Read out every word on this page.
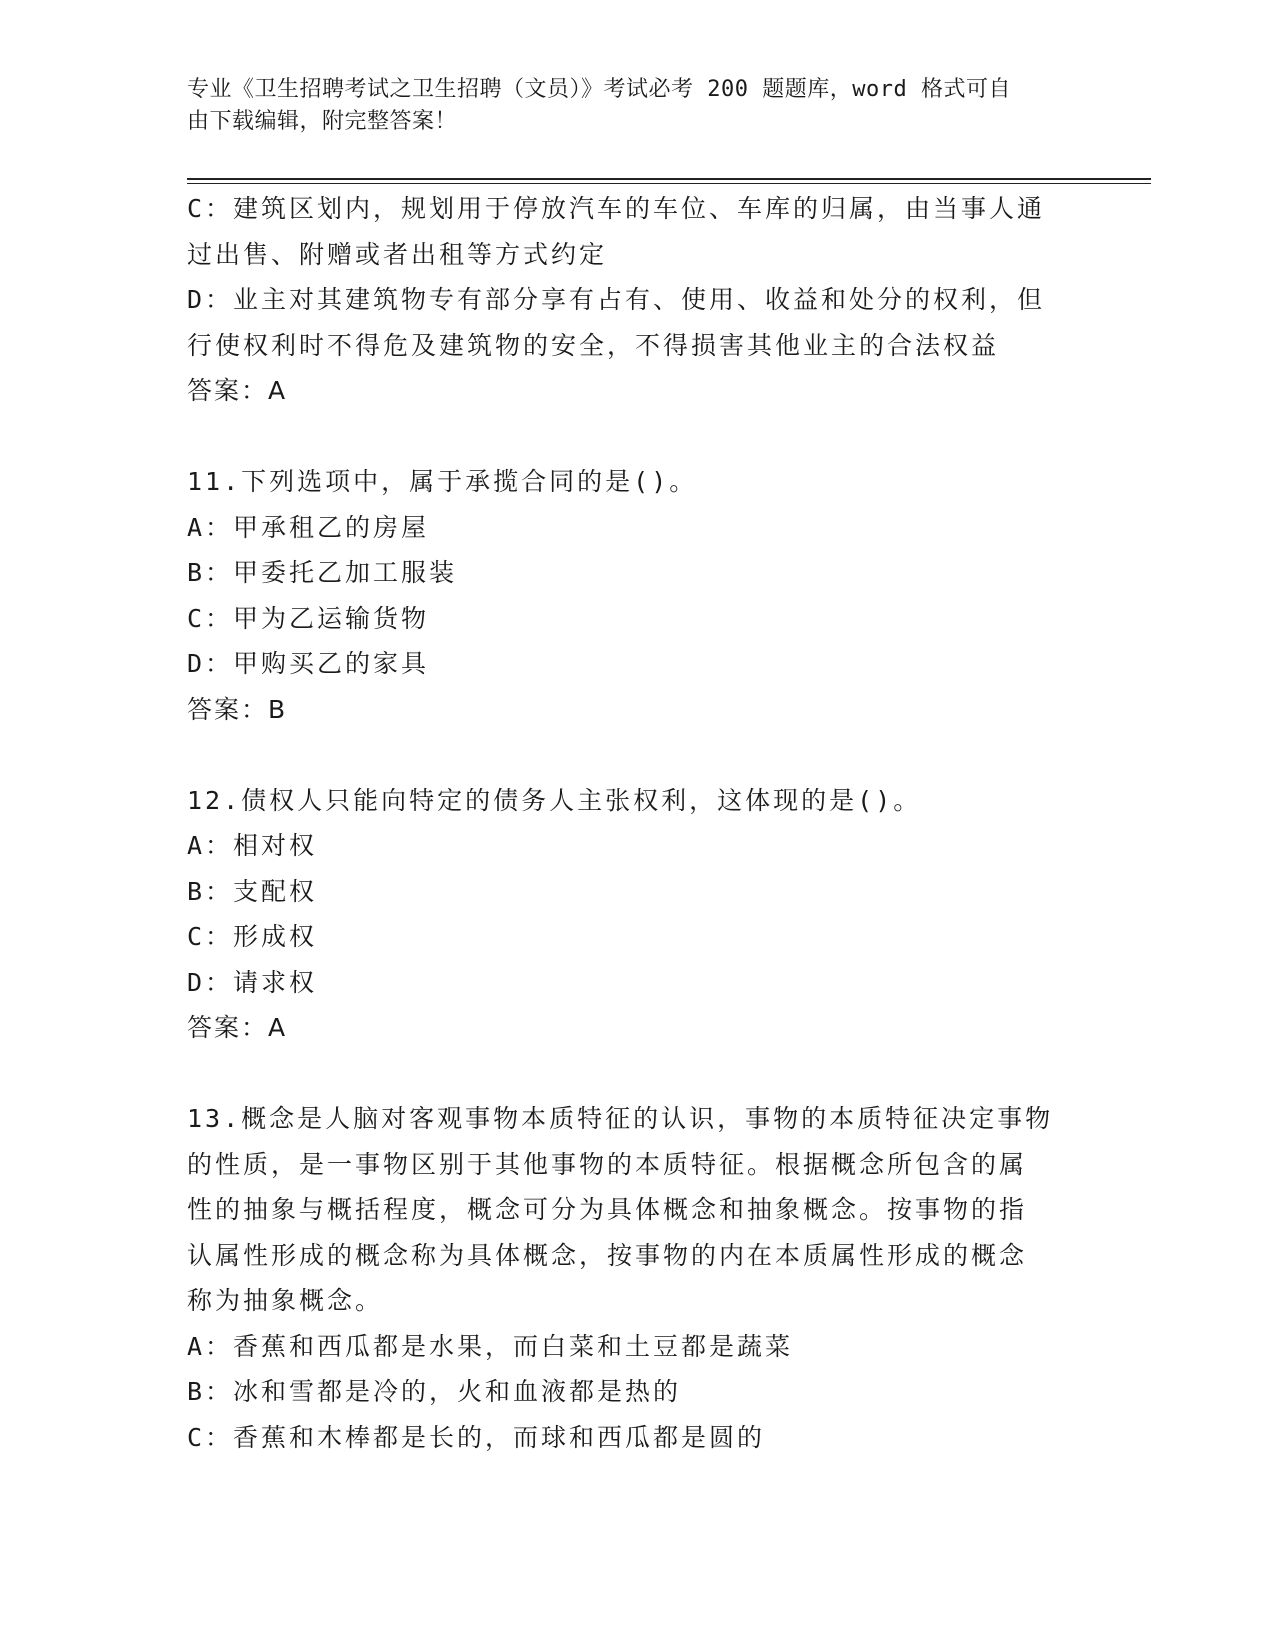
专业《卫生招聘考试之卫生招聘（文员）》考试必考 200 题题库，word 格式可自
由下载编辑，附完整答案！
C：建筑区划内，规划用于停放汽车的车位、车库的归属，由当事人通
过出售、附赠或者出租等方式约定
D：业主对其建筑物专有部分享有占有、使用、收益和处分的权利，但
行使权利时不得危及建筑物的安全，不得损害其他业主的合法权益
答案：A
11.下列选项中，属于承揽合同的是()。
A：甲承租乙的房屋
B：甲委托乙加工服装
C：甲为乙运输货物
D：甲购买乙的家具
答案：B
12.债权人只能向特定的债务人主张权利，这体现的是()。
A：相对权
B：支配权
C：形成权
D：请求权
答案：A
13.概念是人脑对客观事物本质特征的认识，事物的本质特征决定事物
的性质，是一事物区别于其他事物的本质特征。根据概念所包含的属
性的抽象与概括程度，概念可分为具体概念和抽象概念。按事物的指
认属性形成的概念称为具体概念，按事物的内在本质属性形成的概念
称为抽象概念。
A：香蕉和西瓜都是水果，而白菜和土豆都是蔬菜
B：冰和雪都是冷的，火和血液都是热的
C：香蕉和木棒都是长的，而球和西瓜都是圆的
